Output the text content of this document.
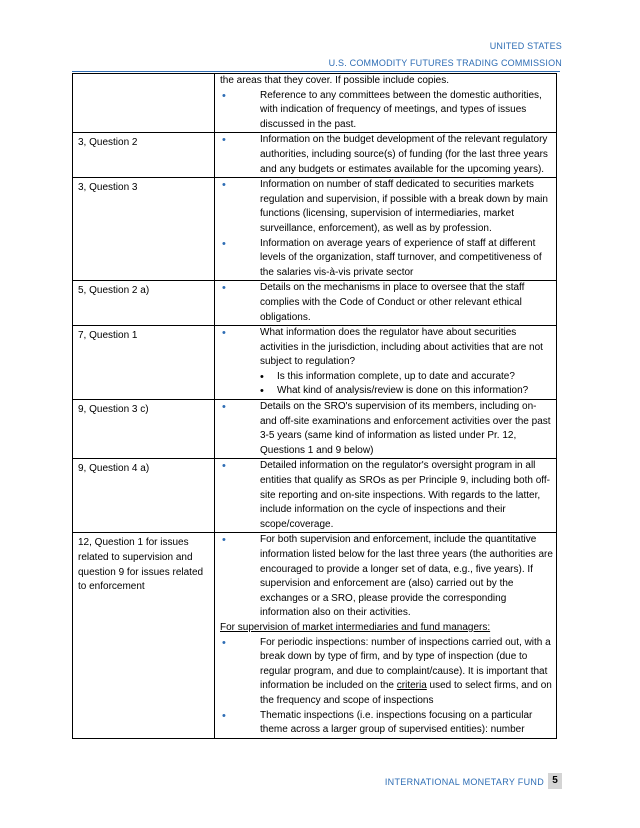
UNITED STATES
U.S. COMMODITY FUTURES TRADING COMMISSION

	the areas that they cover. If possible include copies.
• Reference to any committees between the domestic authorities, with indication of frequency of meetings, and types of issues discussed in the past.

3, Question 2	• Information on the budget development of the relevant regulatory authorities, including source(s) of funding (for the last three years and any budgets or estimates available for the upcoming years).

3, Question 3	• Information on number of staff dedicated to securities markets regulation and supervision, if possible with a break down by main functions (licensing, supervision of intermediaries, market surveillance, enforcement), as well as by profession.
• Information on average years of experience of staff at different levels of the organization, staff turnover, and competitiveness of the salaries vis-à-vis private sector

5, Question 2 a)	• Details on the mechanisms in place to oversee that the staff complies with the Code of Conduct or other relevant ethical obligations.

7, Question 1	• What information does the regulator have about securities activities in the jurisdiction, including about activities that are not subject to regulation?
• Is this information complete, up to date and accurate?
• What kind of analysis/review is done on this information?

9, Question 3 c)	• Details on the SRO's supervision of its members, including on- and off-site examinations and enforcement activities over the past 3-5 years (same kind of information as listed under Pr. 12, Questions 1 and 9 below)

9, Question 4 a)	• Detailed information on the regulator's oversight program in all entities that qualify as SROs as per Principle 9, including both off-site reporting and on-site inspections. With regards to the latter, include information on the cycle of inspections and their scope/coverage.

12, Question 1 for issues related to supervision and question 9 for issues related to enforcement	• For both supervision and enforcement, include the quantitative information listed below for the last three years (the authorities are encouraged to provide a longer set of data, e.g., five years). If supervision and enforcement are (also) carried out by the exchanges or a SRO, please provide the corresponding information also on their activities.
For supervision of market intermediaries and fund managers:
• For periodic inspections: number of inspections carried out, with a break down by type of firm, and by type of inspection (due to regular program, and due to complaint/cause). It is important that information be included on the criteria used to select firms, and on the frequency and scope of inspections
• Thematic inspections (i.e. inspections focusing on a particular theme across a larger group of supervised entities): number
INTERNATIONAL MONETARY FUND 5
